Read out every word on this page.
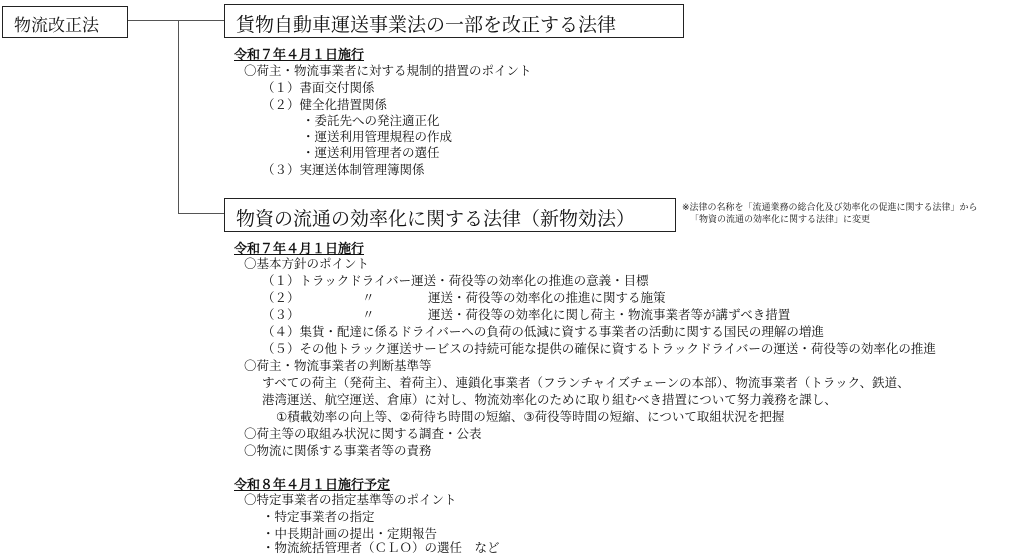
物流改正法	貨物自動車運送事業法の一部を改正する法律
令和７年４月１日施行
〇荷主・物流事業者に対する規制的措置のポイント
（１）書面交付関係
（２）健全化措置関係
・委託先への発注適正化
・運送利用管理規程の作成
・運送利用管理者の選任
（３）実運送体制管理簿関係
物資の流通の効率化に関する法律（新物効法）	※法律の名称を「流通業務の総合化及び効率化の促進に関する法律」から
「物資の流通の効率化に関する法律」に変更
令和７年４月１日施行
〇基本方針のポイント
（１）トラックドライバー運送・荷役等の効率化の推進の意義・目標
（２）	〃	運送・荷役等の効率化の推進に関する施策
（３）	〃	運送・荷役等の効率化に関し荷主・物流事業者等が講ずべき措置
（４）集貨・配達に係るドライバーへの負荷の低減に資する事業者の活動に関する国民の理解の増進
（５）その他トラック運送サービスの持続可能な提供の確保に資するトラックドライバーの運送・荷役等の効率化の推進
〇荷主・物流事業者の判断基準等
すべての荷主（発荷主、着荷主）、連鎖化事業者（フランチャイズチェーンの本部）、物流事業者（トラック、鉄道、
港湾運送、航空運送、倉庫）に対し、物流効率化のために取り組むべき措置について努力義務を課し、
①積載効率の向上等、②荷待ち時間の短縮、③荷役等時間の短縮、について取組状況を把握
〇荷主等の取組み状況に関する調査・公表
〇物流に関係する事業者等の責務
令和８年４月１日施行予定
〇特定事業者の指定基準等のポイント
・特定事業者の指定
・中長期計画の提出・定期報告
・物流統括管理者（ＣＬＯ）の選任　など
